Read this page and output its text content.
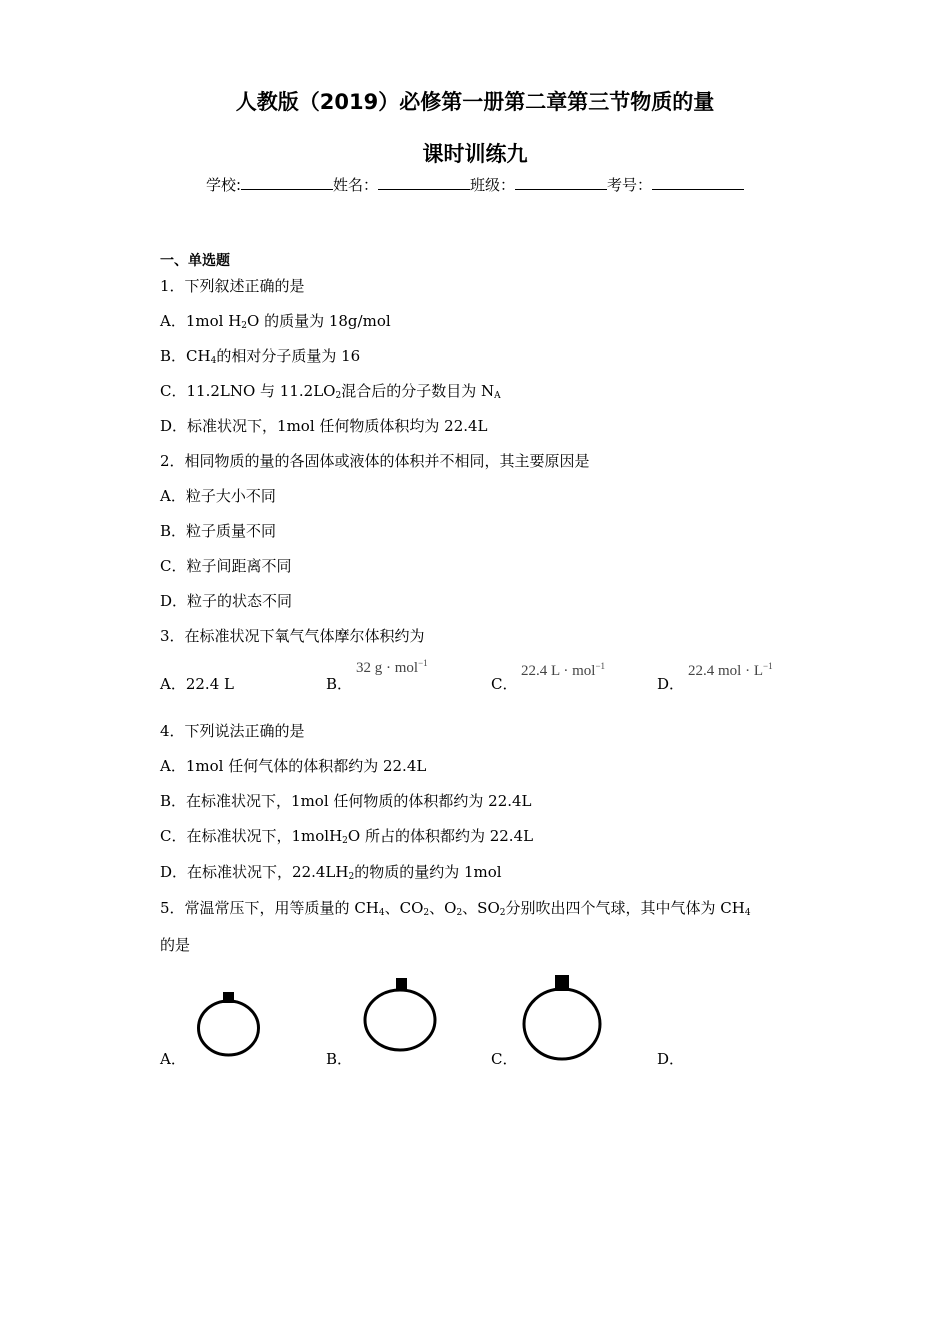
人教版（2019）必修第一册第二章第三节物质的量
课时训练九
学校:	姓名：	班级：	考号：
一、单选题
1．下列叙述正确的是
A．1mol $H_2O$ 的质量为 18g/mol
B．$CH_4$的相对分子质量为 16
C．11.2LNO 与 $11.2LO_2$混合后的分子数目为 $N_A$
D．标准状况下，1mol 任何物质体积均为 22.4L
2．相同物质的量的各固体或液体的体积并不相同，其主要原因是
A．粒子大小不同
B．粒子质量不同
C．粒子间距离不同
D．粒子的状态不同
3．在标准状况下氧气气体摩尔体积约为
A．22.4 L	B．
32 g · mol$^{-1}$
C．
22.4 L · mol$^{-1}$
D．
22.4 mol · $L^{-1}$
4．下列说法正确的是
A．1mol 任何气体的体积都约为 22.4L
B．在标准状况下，1mol 任何物质的体积都约为 22.4L
C．在标准状况下，1molH$_2$O 所占的体积都约为 22.4L
D．在标准状况下，$22.4LH_2$的物质的量约为 1mol
5．常温常压下，用等质量的 $CH_4$、$CO_2$、$O_2$、$SO_2$分别吹出四个气球，其中气体为 $CH_4$
的是
A．	B．	C．	D．
